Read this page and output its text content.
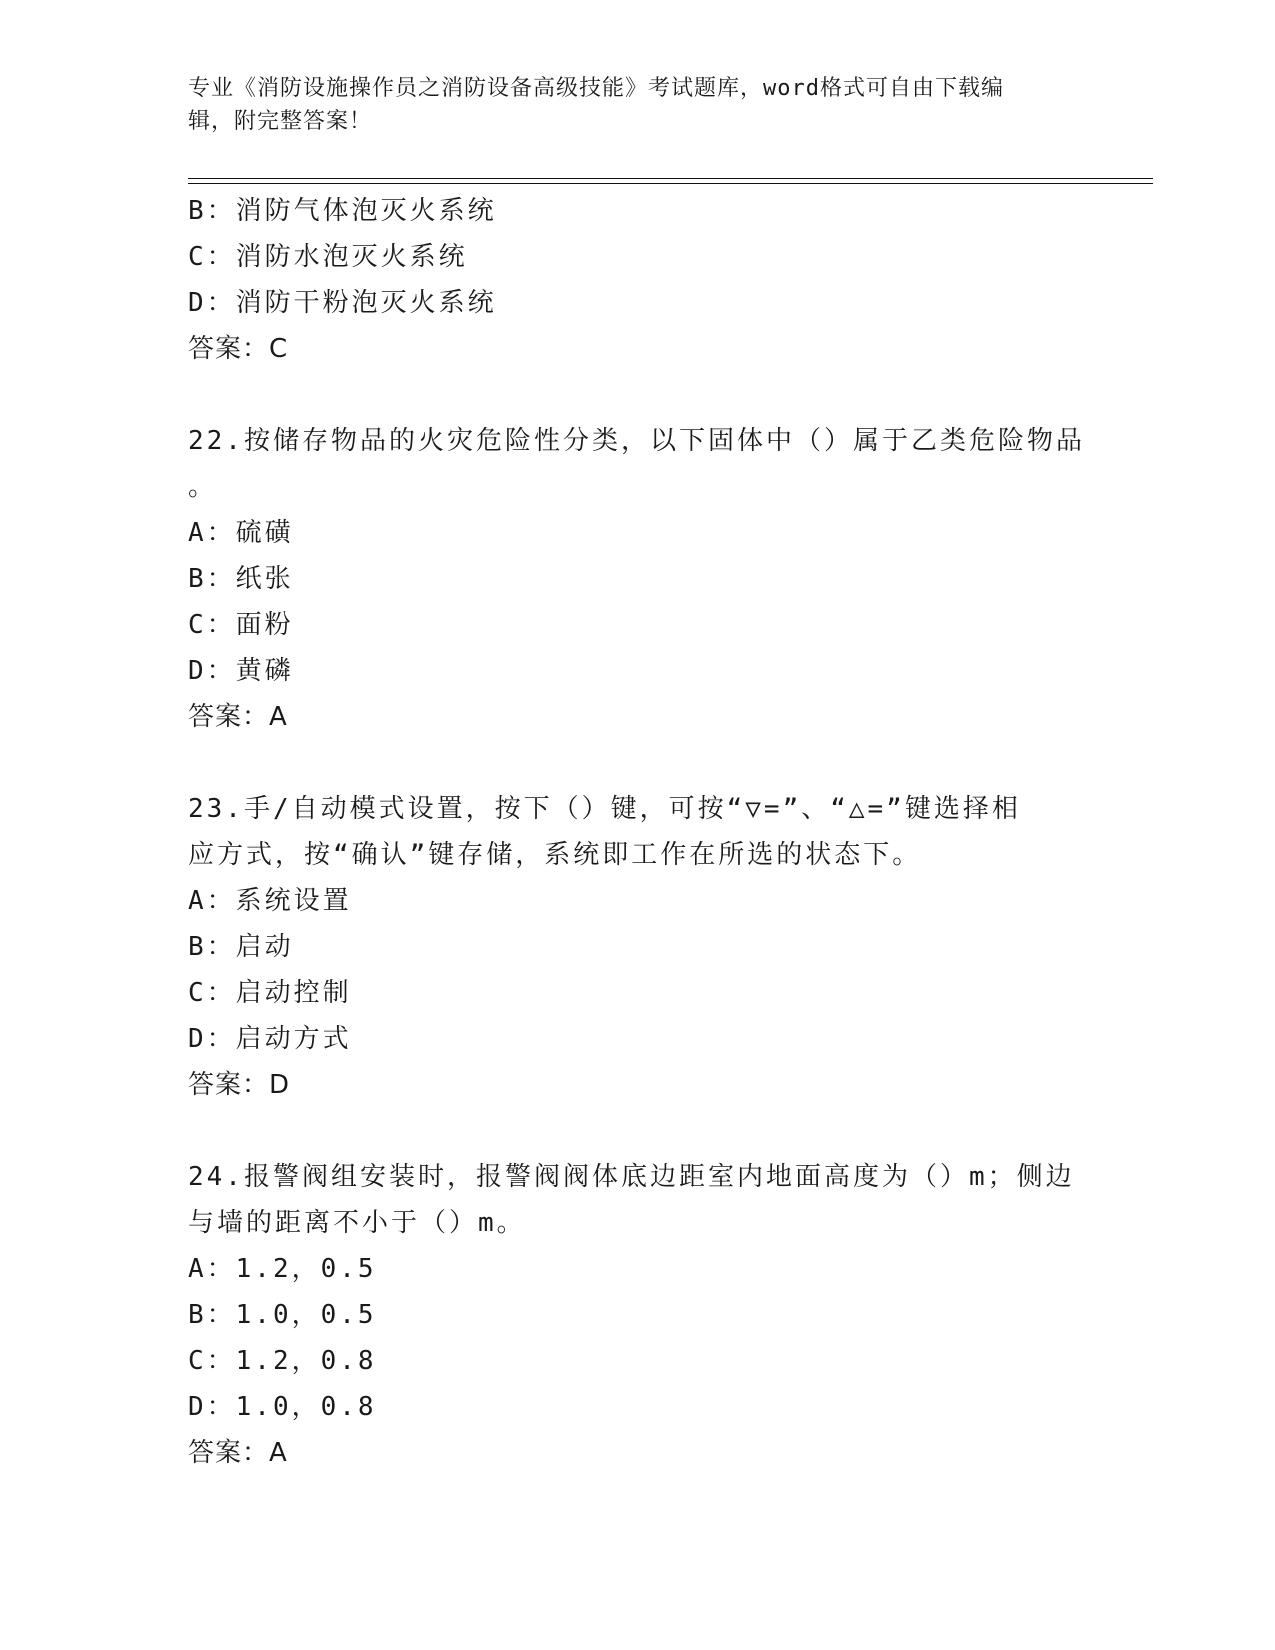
专业《消防设施操作员之消防设备高级技能》考试题库，word格式可自由下载编
辑，附完整答案！
B：消防气体泡灭火系统
C：消防水泡灭火系统
D：消防干粉泡灭火系统
答案：C
22.按储存物品的火灾危险性分类，以下固体中（）属于乙类危险物品
。
A：硫磺
B：纸张
C：面粉
D：黄磷
答案：A
23.手/自动模式设置，按下（）键，可按“▽=”、“△=”键选择相
应方式，按“确认”键存储，系统即工作在所选的状态下。
A：系统设置
B：启动
C：启动控制
D：启动方式
答案：D
24.报警阀组安装时，报警阀阀体底边距室内地面高度为（）m；侧边
与墙的距离不小于（）m。
A：1.2，0.5
B：1.0，0.5
C：1.2，0.8
D：1.0，0.8
答案：A
